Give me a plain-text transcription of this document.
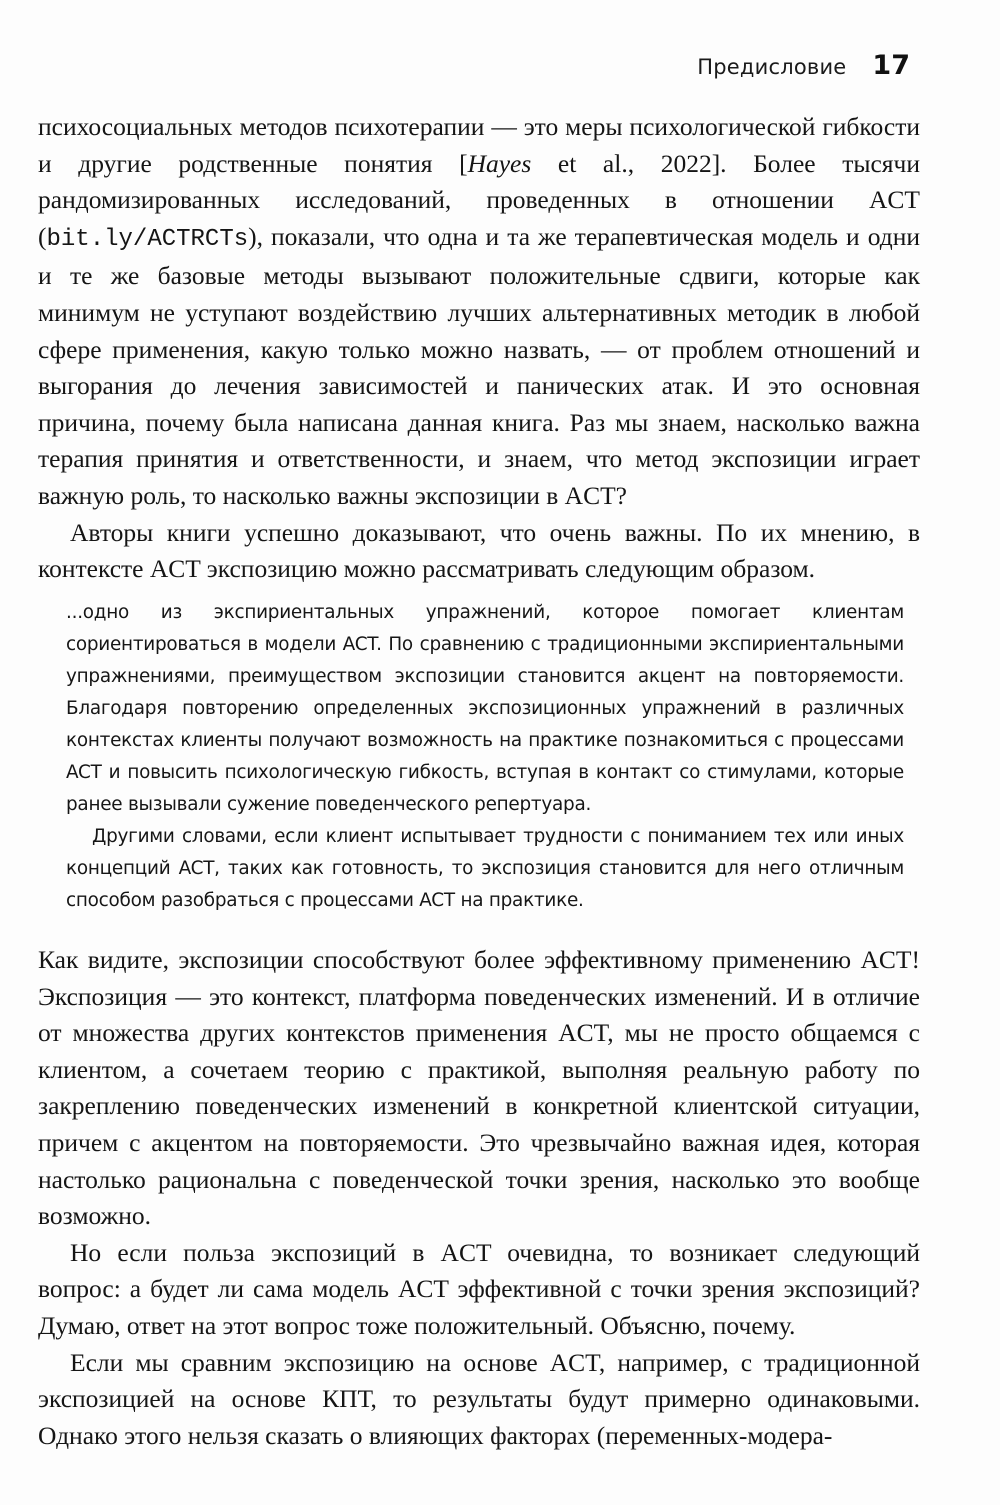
Предисловие 17

психосоциальных методов психотерапии — это меры психологической гибкости и другие родственные понятия [Hayes et al., 2022]. Более тысячи рандомизированных исследований, проведенных в отношении ACT (bit.ly/ACTRCTs), показали, что одна и та же терапевтическая модель и одни и те же базовые методы вызывают положительные сдвиги, которые как минимум не уступают воздействию лучших альтернативных методик в любой сфере применения, какую только можно назвать, — от проблем отношений и выгорания до лечения зависимостей и панических атак. И это основная причина, почему была написана данная книга. Раз мы знаем, насколько важна терапия принятия и ответственности, и знаем, что метод экспозиции играет важную роль, то насколько важны экспозиции в ACT?

Авторы книги успешно доказывают, что очень важны. По их мнению, в контексте ACT экспозицию можно рассматривать следующим образом.

...одно из экспириентальных упражнений, которое помогает клиентам сориентироваться в модели ACT. По сравнению с традиционными экспириентальными упражнениями, преимуществом экспозиции становится акцент на повторяемости. Благодаря повторению определенных экспозиционных упражнений в различных контекстах клиенты получают возможность на практике познакомиться с процессами ACT и повысить психологическую гибкость, вступая в контакт со стимулами, которые ранее вызывали сужение поведенческого репертуара.

Другими словами, если клиент испытывает трудности с пониманием тех или иных концепций ACT, таких как готовность, то экспозиция становится для него отличным способом разобраться с процессами ACT на практике.

Как видите, экспозиции способствуют более эффективному применению ACT! Экспозиция — это контекст, платформа поведенческих изменений. И в отличие от множества других контекстов применения ACT, мы не просто общаемся с клиентом, а сочетаем теорию с практикой, выполняя реальную работу по закреплению поведенческих изменений в конкретной клиентской ситуации, причем с акцентом на повторяемости. Это чрезвычайно важная идея, которая настолько рациональна с поведенческой точки зрения, насколько это вообще возможно.

Но если польза экспозиций в ACT очевидна, то возникает следующий вопрос: а будет ли сама модель ACT эффективной с точки зрения экспозиций? Думаю, ответ на этот вопрос тоже положительный. Объясню, почему.

Если мы сравним экспозицию на основе ACT, например, с традиционной экспозицией на основе КПТ, то результаты будут примерно одинаковыми. Однако этого нельзя сказать о влияющих факторах (переменных-модера-
